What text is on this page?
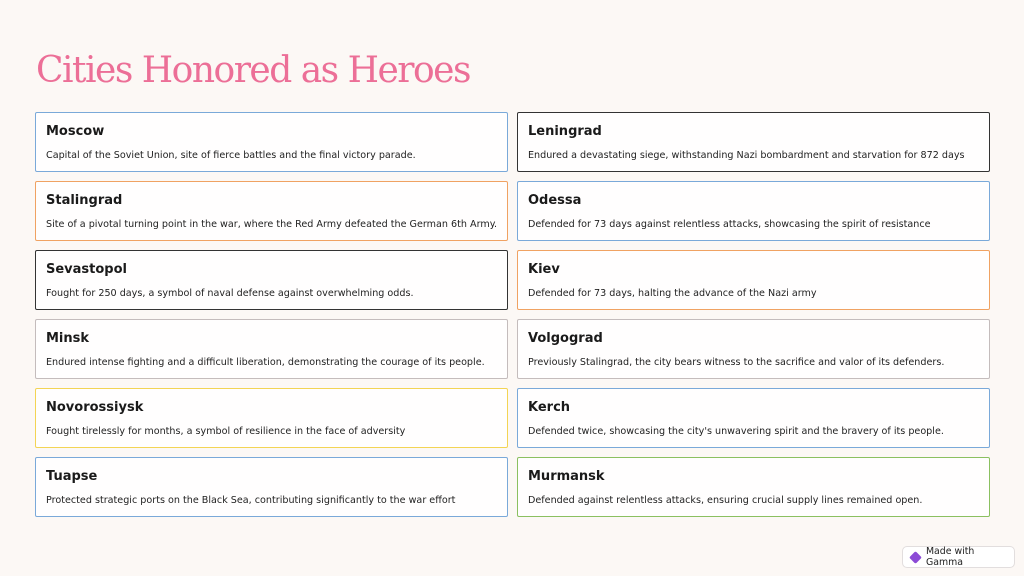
Cities Honored as Heroes
Moscow
Capital of the Soviet Union, site of fierce battles and the final victory parade.
Leningrad
Endured a devastating siege, withstanding Nazi bombardment and starvation for 872 days
Stalingrad
Site of a pivotal turning point in the war, where the Red Army defeated the German 6th Army.
Odessa
Defended for 73 days against relentless attacks, showcasing the spirit of resistance
Sevastopol
Fought for 250 days, a symbol of naval defense against overwhelming odds.
Kiev
Defended for 73 days, halting the advance of the Nazi army
Minsk
Endured intense fighting and a difficult liberation, demonstrating the courage of its people.
Volgograd
Previously Stalingrad, the city bears witness to the sacrifice and valor of its defenders.
Novorossiysk
Fought tirelessly for months, a symbol of resilience in the face of adversity
Kerch
Defended twice, showcasing the city's unwavering spirit and the bravery of its people.
Tuapse
Protected strategic ports on the Black Sea, contributing significantly to the war effort
Murmansk
Defended against relentless attacks, ensuring crucial supply lines remained open.
Made with Gamma
